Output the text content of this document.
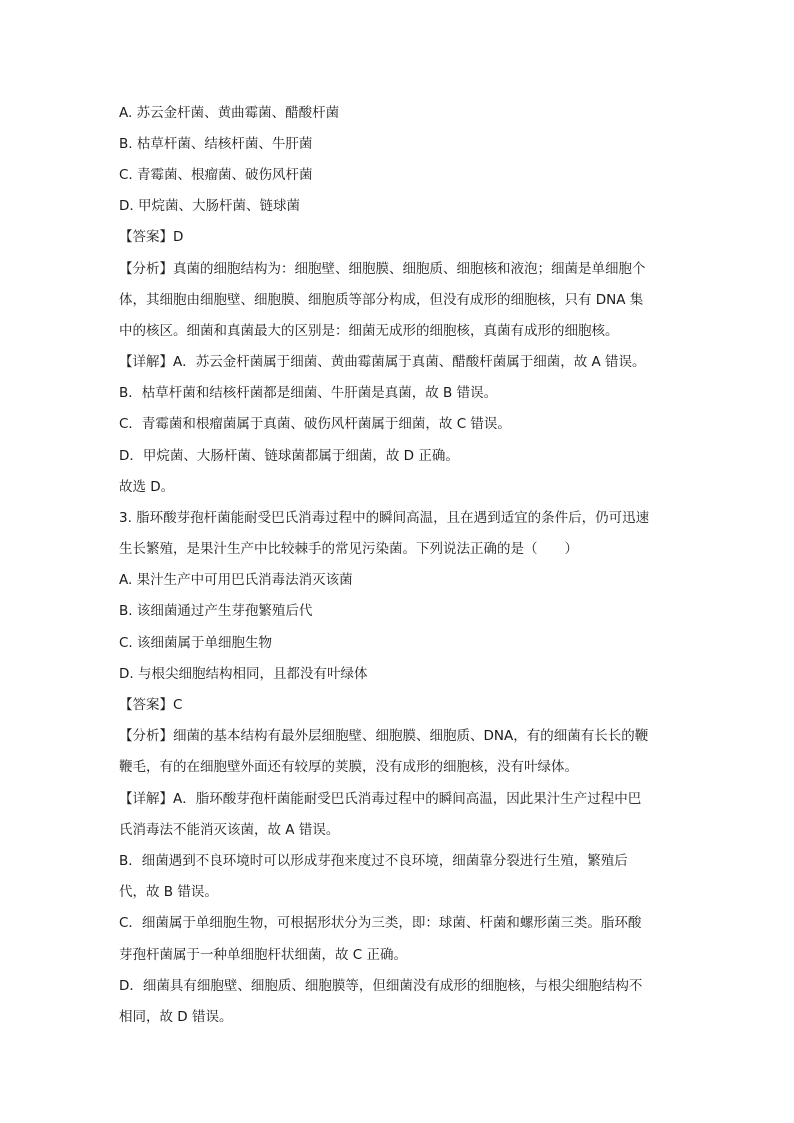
A. 苏云金杆菌、黄曲霉菌、醋酸杆菌
B. 枯草杆菌、结核杆菌、牛肝菌
C. 青霉菌、根瘤菌、破伤风杆菌
D. 甲烷菌、大肠杆菌、链球菌
【答案】D
【分析】真菌的细胞结构为：细胞壁、细胞膜、细胞质、细胞核和液泡；细菌是单细胞个
体，其细胞由细胞壁、细胞膜、细胞质等部分构成，但没有成形的细胞核，只有 DNA 集
中的核区。细菌和真菌最大的区别是：细菌无成形的细胞核，真菌有成形的细胞核。
【详解】A．苏云金杆菌属于细菌、黄曲霉菌属于真菌、醋酸杆菌属于细菌，故 A 错误。
B．枯草杆菌和结核杆菌都是细菌、牛肝菌是真菌，故 B 错误。
C．青霉菌和根瘤菌属于真菌、破伤风杆菌属于细菌，故 C 错误。
D．甲烷菌、大肠杆菌、链球菌都属于细菌，故 D 正确。
故选 D。
3. 脂环酸芽孢杆菌能耐受巴氏消毒过程中的瞬间高温，且在遇到适宜的条件后，仍可迅速
生长繁殖，是果汁生产中比较棘手的常见污染菌。下列说法正确的是（　　）
A. 果汁生产中可用巴氏消毒法消灭该菌
B. 该细菌通过产生芽孢繁殖后代
C. 该细菌属于单细胞生物
D. 与根尖细胞结构相同，且都没有叶绿体
【答案】C
【分析】细菌的基本结构有最外层细胞壁、细胞膜、细胞质、DNA，有的细菌有长长的鞭
鞭毛，有的在细胞壁外面还有较厚的荚膜，没有成形的细胞核，没有叶绿体。
【详解】A．脂环酸芽孢杆菌能耐受巴氏消毒过程中的瞬间高温，因此果汁生产过程中巴
氏消毒法不能消灭该菌，故 A 错误。
B．细菌遇到不良环境时可以形成芽孢来度过不良环境，细菌靠分裂进行生殖，繁殖后
代，故 B 错误。
C．细菌属于单细胞生物，可根据形状分为三类，即：球菌、杆菌和螺形菌三类。脂环酸
芽孢杆菌属于一种单细胞杆状细菌，故 C 正确。
D．细菌具有细胞壁、细胞质、细胞膜等，但细菌没有成形的细胞核，与根尖细胞结构不
相同，故 D 错误。
